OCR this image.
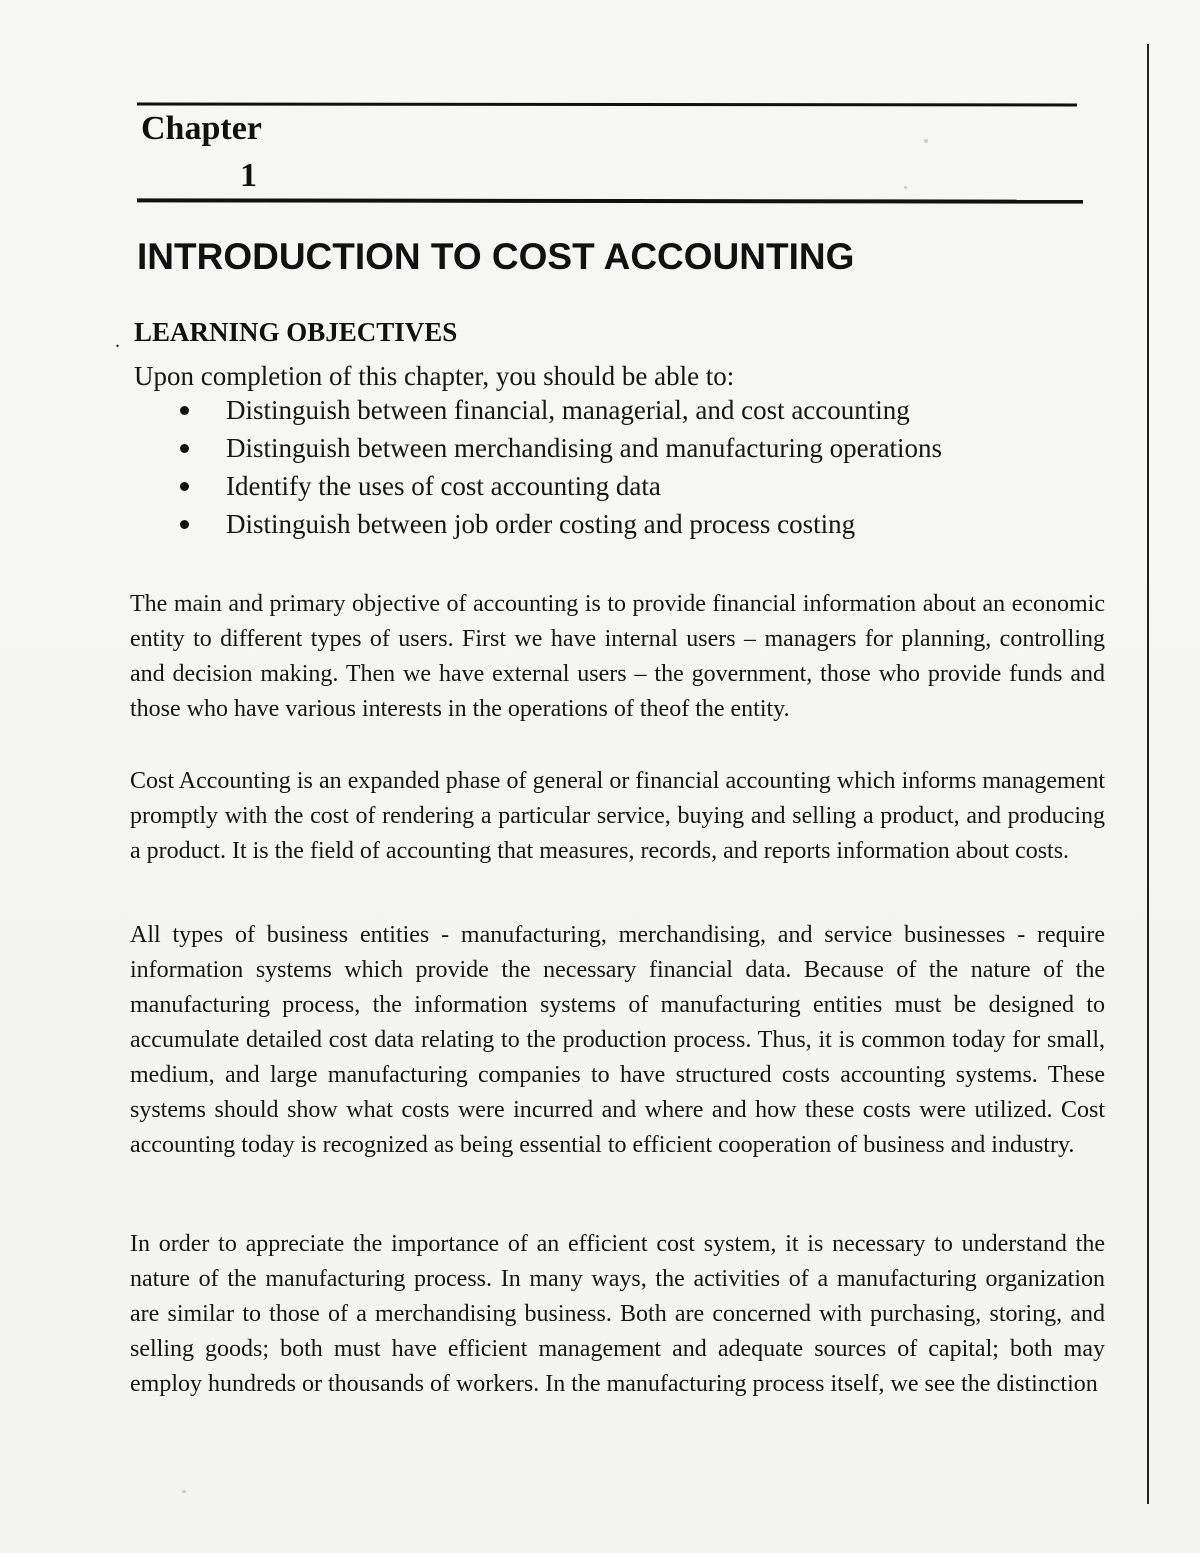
Chapter
1
INTRODUCTION TO COST ACCOUNTING
. LEARNING OBJECTIVES

Upon completion of this chapter, you should be able to:

Distinguish between financial, managerial, and cost accounting
Distinguish between merchandising and manufacturing operations
Identify the uses of cost accounting data
Distinguish between job order costing and process costing

The main and primary objective of accounting is to provide financial information about an economic entity to different types of users. First we have internal users – managers for planning, controlling and decision making. Then we have external users – the government, those who provide funds and those who have various interests in the operations of theof the entity.

Cost Accounting is an expanded phase of general or financial accounting which informs management promptly with the cost of rendering a particular service, buying and selling a product, and producing a product. It is the field of accounting that measures, records, and reports information about costs.

All types of business entities - manufacturing, merchandising, and service businesses - require information systems which provide the necessary financial data. Because of the nature of the manufacturing process, the information systems of manufacturing entities must be designed to accumulate detailed cost data relating to the production process. Thus, it is common today for small, medium, and large manufacturing companies to have structured costs accounting systems. These systems should show what costs were incurred and where and how these costs were utilized. Cost accounting today is recognized as being essential to efficient cooperation of business and industry.

In order to appreciate the importance of an efficient cost system, it is necessary to understand the nature of the manufacturing process. In many ways, the activities of a manufacturing organization are similar to those of a merchandising business. Both are concerned with purchasing, storing, and selling goods; both must have efficient management and adequate sources of capital; both may employ hundreds or thousands of workers. In the manufacturing process itself, we see the distinction
